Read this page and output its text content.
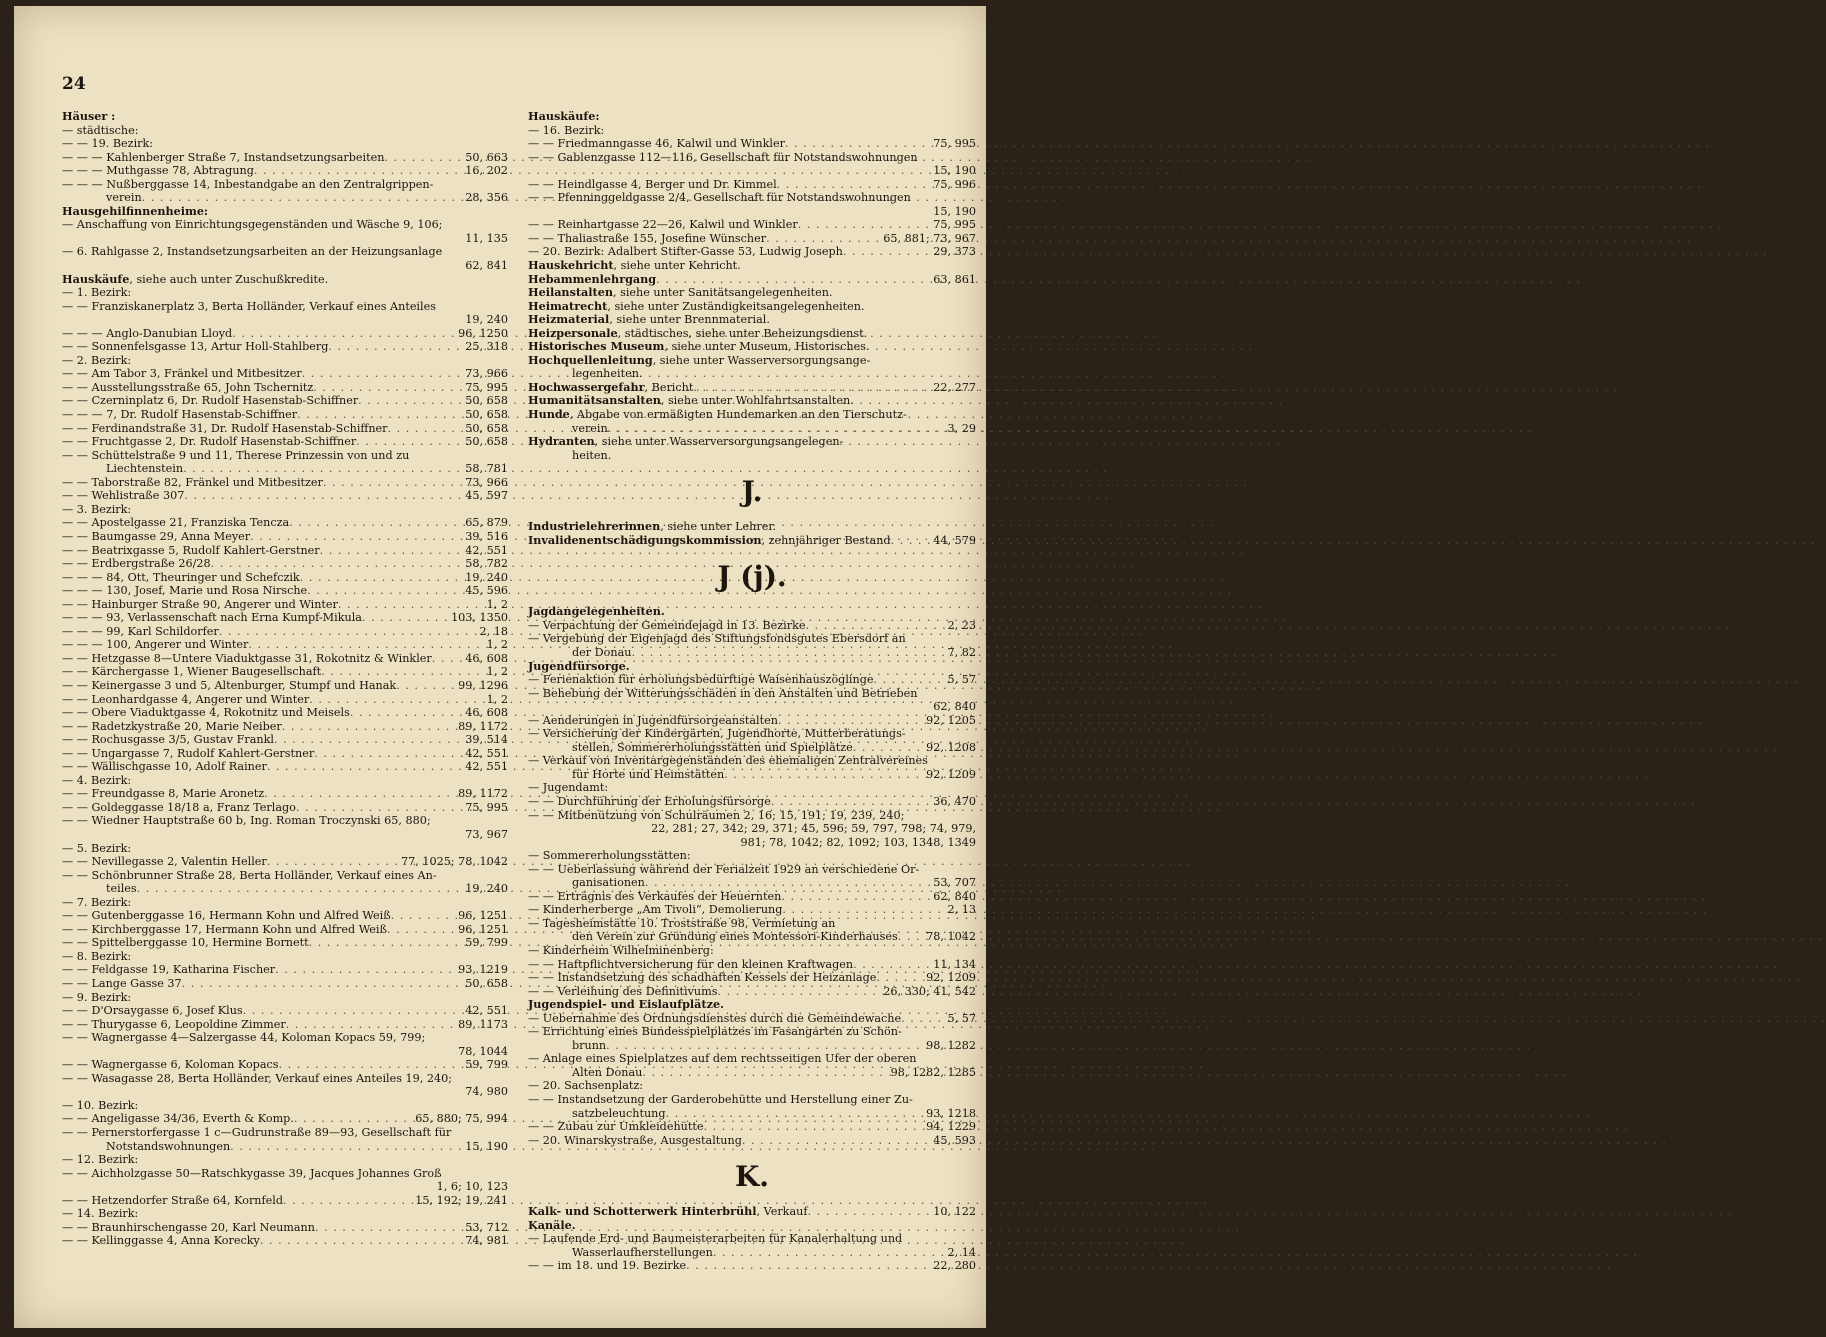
24
Häuser :
— städtische:
— — 19. Bezirk:
— — — Kahlenberger Straße 7, Instandsetzungsarbeiten . . .	50, 663
— — — Muthgasse 78, Abtragung . . .	16, 202
— — — Nußberggasse 14, Inbestandgabe an den Zentralgrippen-
verein . . .	28, 356
Hausgehilfinnenheime:
— Anschaffung von Einrichtungsgegenständen und Wäsche 9, 106;
11, 135
— 6. Rahlgasse 2, Instandsetzungsarbeiten an der Heizungsanlage
62, 841
Hauskäufe, siehe auch unter Zuschußkredite.
— 1. Bezirk:
— — Franziskanerplatz 3, Berta Holländer, Verkauf eines Anteiles
19, 240
— — — Anglo-Danubian Lloyd . . .	96, 1250
— — Sonnenfelsgasse 13, Artur Holl-Stahlberg . . .	25, 318
— 2. Bezirk:
— — Am Tabor 3, Fränkel und Mitbesitzer . . .	73, 966
— — Ausstellungsstraße 65, John Tschernitz . . .	75, 995
— — Czerninplatz 6, Dr. Rudolf Hasenstab-Schiffner . . .	50, 658
— — — 7, Dr. Rudolf Hasenstab-Schiffner . . .	50, 658
— — Ferdinandstraße 31, Dr. Rudolf Hasenstab-Schiffner . . .	50, 658
— — Fruchtgasse 2, Dr. Rudolf Hasenstab-Schiffner . . .	50, 658
— — Schüttelstraße 9 und 11, Therese Prinzessin von und zu
Liechtenstein . . .	58, 781
— — Taborstraße 82, Fränkel und Mitbesitzer . . .	73, 966
— — Wehlistraße 307 . . .	45, 597
— 3. Bezirk:
— — Apostelgasse 21, Franziska Tencza . . .	65, 879
— — Baumgasse 29, Anna Meyer . . .	39, 516
— — Beatrixgasse 5, Rudolf Kahlert-Gerstner . . .	42, 551
— — Erdbergstraße 26/28 . . .	58, 782
— — — 84, Ott, Theuringer und Schefczik . . .	19, 240
— — — 130, Josef, Marie und Rosa Nirsche . . .	45, 596
— — Hainburger Straße 90, Angerer und Winter . . .	1, 2
— — — 93, Verlassenschaft nach Erna Kumpf-Mikula . . .	103, 1350
— — — 99, Karl Schildorfer . . .	2, 18
— — — 100, Angerer und Winter . . .	1, 2
— — Hetzgasse 8—Untere Viaduktgasse 31, Rokotnitz & Winkler . . .	46, 608
— — Kärchergasse 1, Wiener Baugesellschaft . . .	1, 2
— — Keinergasse 3 und 5, Altenburger, Stumpf und Hanak . . .	99, 1296
— — Leonhardgasse 4, Angerer und Winter . . .	1, 2
— — Obere Viaduktgasse 4, Rokotnitz und Meisels . . .	46, 608
— — Radetzkystraße 20, Marie Neiber . . .	89, 1172
— — Rochusgasse 3/5, Gustav Frankl . . .	39, 514
— — Ungargasse 7, Rudolf Kahlert-Gerstner . . .	42, 551
— — Wällischgasse 10, Adolf Rainer . . .	42, 551
— 4. Bezirk:
— — Freundgasse 8, Marie Aronetz . . .	89, 1172
— — Goldeggasse 18/18 a, Franz Terlago . . .	75, 995
— — Wiedner Hauptstraße 60 b, Ing. Roman Troczynski 65, 880;
73, 967
— 5. Bezirk:
— — Nevillegasse 2, Valentin Heller . . .	77, 1025; 78, 1042
— — Schönbrunner Straße 28, Berta Holländer, Verkauf eines An-
teiles . . .	19, 240
— 7. Bezirk:
— — Gutenberggasse 16, Hermann Kohn und Alfred Weiß . . .	96, 1251
— — Kirchberggasse 17, Hermann Kohn und Alfred Weiß . . .	96, 1251
— — Spittelberggasse 10, Hermine Bornett . . .	59, 799
— 8. Bezirk:
— — Feldgasse 19, Katharina Fischer . . .	93, 1219
— — Lange Gasse 37 . . .	50, 658
— 9. Bezirk:
— — D'Orsaygasse 6, Josef Klus . . .	42, 551
— — Thurygasse 6, Leopoldine Zimmer . . .	89, 1173
— — Wagnergasse 4—Salzergasse 44, Koloman Kopacs 59, 799;
78, 1044
— — Wagnergasse 6, Koloman Kopacs . . .	59, 799
— — Wasagasse 28, Berta Holländer, Verkauf eines Anteiles 19, 240;
74, 980
— 10. Bezirk:
— — Angeligasse 34/36, Everth & Komp. . . .	65, 880; 75, 994
— — Pernerstorfergasse 1 c—Gudrunstraße 89—93, Gesellschaft für
Notstandswohnungen . . .	15, 190
— 12. Bezirk:
— — Aichholzgasse 50—Ratschkygasse 39, Jacques Johannes Groß
1, 6; 10, 123
— — Hetzendorfer Straße 64, Kornfeld . . .	15, 192; 19, 241
— 14. Bezirk:
— — Braunhirschengasse 20, Karl Neumann . . .	53, 712
— — Kellinggasse 4, Anna Korecky . . .	74, 981
Hauskäufe:
— 16. Bezirk:
— — Friedmanngasse 46, Kalwil und Winkler . . .	75, 995
— — Gablenzgasse 112—116, Gesellschaft für Notstandswohnungen
15, 190
— — Heindlgasse 4, Berger und Dr. Kimmel . . .	75, 996
— — Pfenninggeldgasse 2/4, Gesellschaft für Notstandswohnungen
15, 190
— — Reinhartgasse 22—26, Kalwil und Winkler . . .	75, 995
— — Thaliastraße 155, Josefine Wünscher . . .	65, 881; 73, 967
— 20. Bezirk: Adalbert Stifter-Gasse 53, Ludwig Joseph . . .	29, 373
Hauskehricht, siehe unter Kehricht.
Hebammenlehrgang . . .	63, 861
Heilanstalten, siehe unter Sanitätsangelegenheiten.
Heimatrecht, siehe unter Zuständigkeitsangelegenheiten.
Heizmaterial, siehe unter Brennmaterial.
Heizpersonale, städtisches, siehe unter Beheizungsdienst.
Historisches Museum, siehe unter Museum, Historisches.
Hochquellenleitung, siehe unter Wasserversorgungsange-
legenheiten.
Hochwassergefahr, Bericht . . .	22, 277
Humanitätsanstalten, siehe unter Wohlfahrtsanstalten.
Hunde, Abgabe von ermäßigten Hundemarken an den Tierschutz-
verein . . .	3, 29
Hydranten, siehe unter Wasserversorgungsangelegen-
heiten.
J.
Industrielehrerinnen, siehe unter Lehrer.
Invalidenentschädigungskommission, zehnjähriger Bestand . . .	44, 579
J (j).
Jagdangelegenheiten.
— Verpachtung der Gemeindejagd in 13. Bezirke . . .	2, 23
— Vergebung der Eigenjagd des Stiftungsfondsgutes Ebersdorf an
der Donau . . .	7, 82
Jugendfürsorge.
— Ferienaktion für erholungsbedürftige Waisenhauszöglinge . . .	5, 57
— Behebung der Witterungsschäden in den Anstalten und Betrieben
62, 840
— Aenderungen in Jugendfürsorgeanstalten . . .	92, 1205
— Versicherung der Kindergärten, Jugendhorte, Mutterberatungs-
stellen, Sommererholungsstätten und Spielplätze . . .	92, 1208
— Verkauf von Inventargegenständen des ehemaligen Zentralvereines
für Horte und Heimstätten . . .	92, 1209
— Jugendamt:
— — Durchführung der Erholungsfürsorge . . .	36, 470
— — Mitbenützung von Schulräumen 2, 16; 15, 191; 19, 239, 240;
22, 281; 27, 342; 29, 371; 45, 596; 59, 797, 798; 74, 979,
981; 78, 1042; 82, 1092; 103, 1348, 1349
— Sommererholungsstätten:
— — Ueberlassung während der Ferialzeit 1929 an verschiedene Or-
ganisationen . . .	53, 707
— — Erträgnis des Verkaufes der Heuernten . . .	62, 840
— Kinderherberge „Am Tivoli“, Demolierung . . .	2, 13
— Tagesheimstätte 10. Troststraße 98, Vermietung an
den Verein zur Gründung eines Montessori-Kinderhauses . . .	78, 1042
— Kinderheim Wilhelminenberg:
— — Haftpflichtversicherung für den kleinen Kraftwagen . . .	11, 134
— — Instandsetzung des schadhaften Kessels der Heizanlage . . .	92, 1209
— — Verleihung des Definitivums . . .	26, 330; 41, 542
Jugendspiel- und Eislaufplätze.
— Uebernahme des Ordnungsdienstes durch die Gemeindewache . . .	5, 57
— Errichtung eines Bundesspielplatzes im Fasangarten zu Schön-
brunn . . .	98, 1282
— Anlage eines Spielplatzes auf dem rechtsseitigen Ufer der oberen
Alten Donau . . .	98, 1282, 1285
— 20. Sachsenplatz:
— — Instandsetzung der Garderobehütte und Herstellung einer Zu-
satzbeleuchtung . . .	93, 1218
— — Zubau zur Umkleidehütte . . .	94, 1229
— 20. Winarskystraße, Ausgestaltung . . .	45, 593
K.
Kalk- und Schotterwerk Hinterbrühl, Verkauf . . .	10, 122
Kanäle.
— Laufende Erd- und Baumeisterarbeiten für Kanalerhaltung und
Wasserlaufherstellungen . . .	2, 14
— — im 18. und 19. Bezirke . . .	22, 280
